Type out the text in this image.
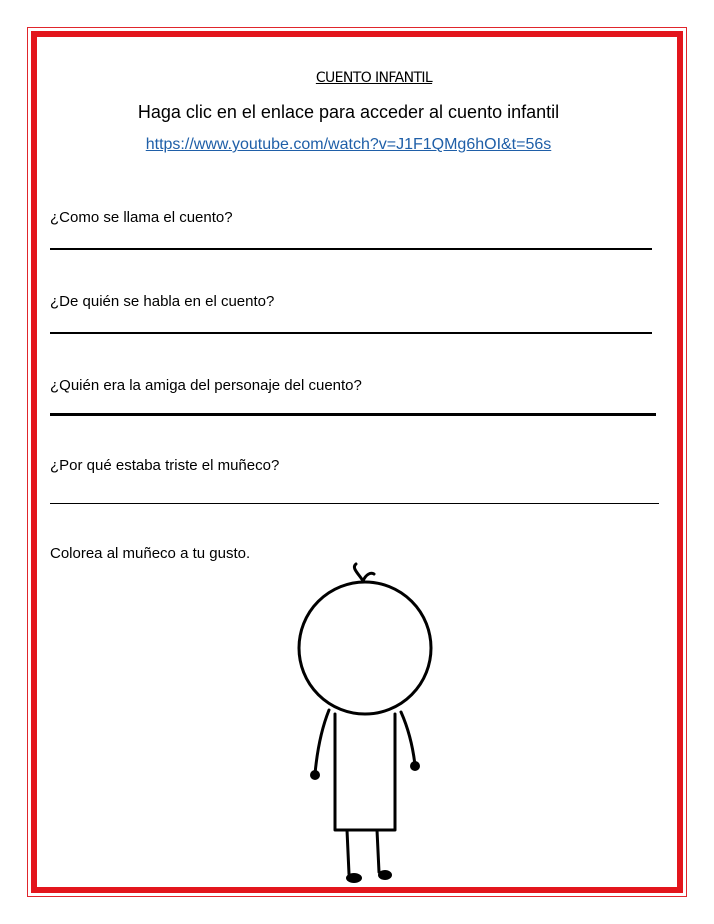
CUENTO INFANTIL
Haga clic en el enlace para acceder al cuento infantil
https://www.youtube.com/watch?v=J1F1QMg6hOI&t=56s
¿Como se llama el cuento?
¿De quién se habla en el cuento?
¿Quién era la amiga del personaje del cuento?
¿Por qué estaba triste el muñeco?
Colorea al muñeco a tu gusto.
